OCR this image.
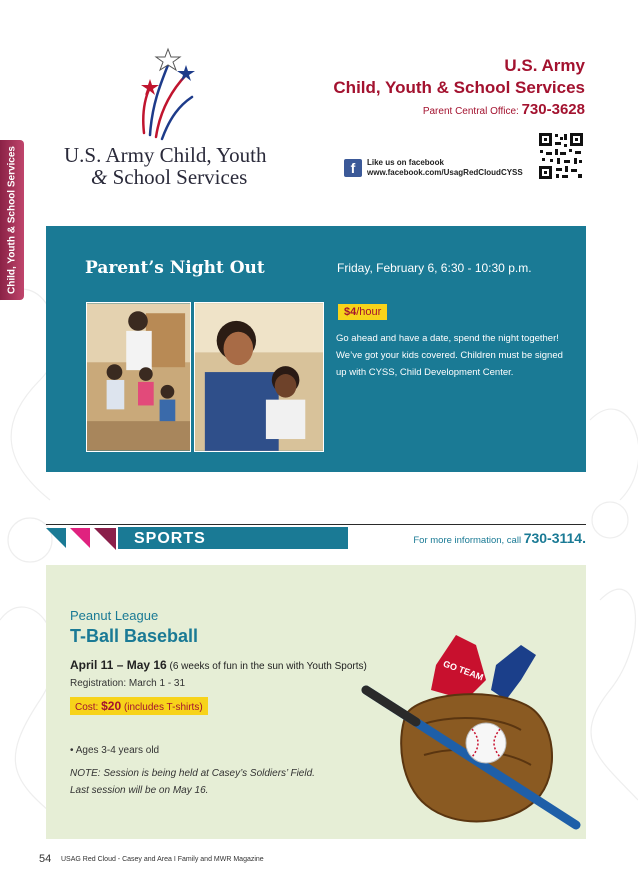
Child, Youth & School Services U.S. Army Child, Youth
& School Services
U.S. Army
Child, Youth & School Services
Parent Central Office: 730-3628
f	Like us on facebook
www.facebook.com/UsagRedCloudCYSS
Parent’s Night Out	Friday, February 6, 6:30 - 10:30 p.m.
$4/hour
Go ahead and have a date, spend the night together! We’ve got your kids covered. Children must be signed up with CYSS, Child Development Center.
SPORTS	For more information, call 730-3114.
Peanut League
T-Ball Baseball
April 11 – May 16 (6 weeks of fun in the sun with Youth Sports)
Registration: March 1 - 31
Cost: $20 (includes T-shirts)
• Ages 3-4 years old
NOTE: Session is being held at Casey’s Soldiers’ Field.
Last session will be on May 16.
GO TEAM
54 USAG Red Cloud - Casey and Area I Family and MWR Magazine
